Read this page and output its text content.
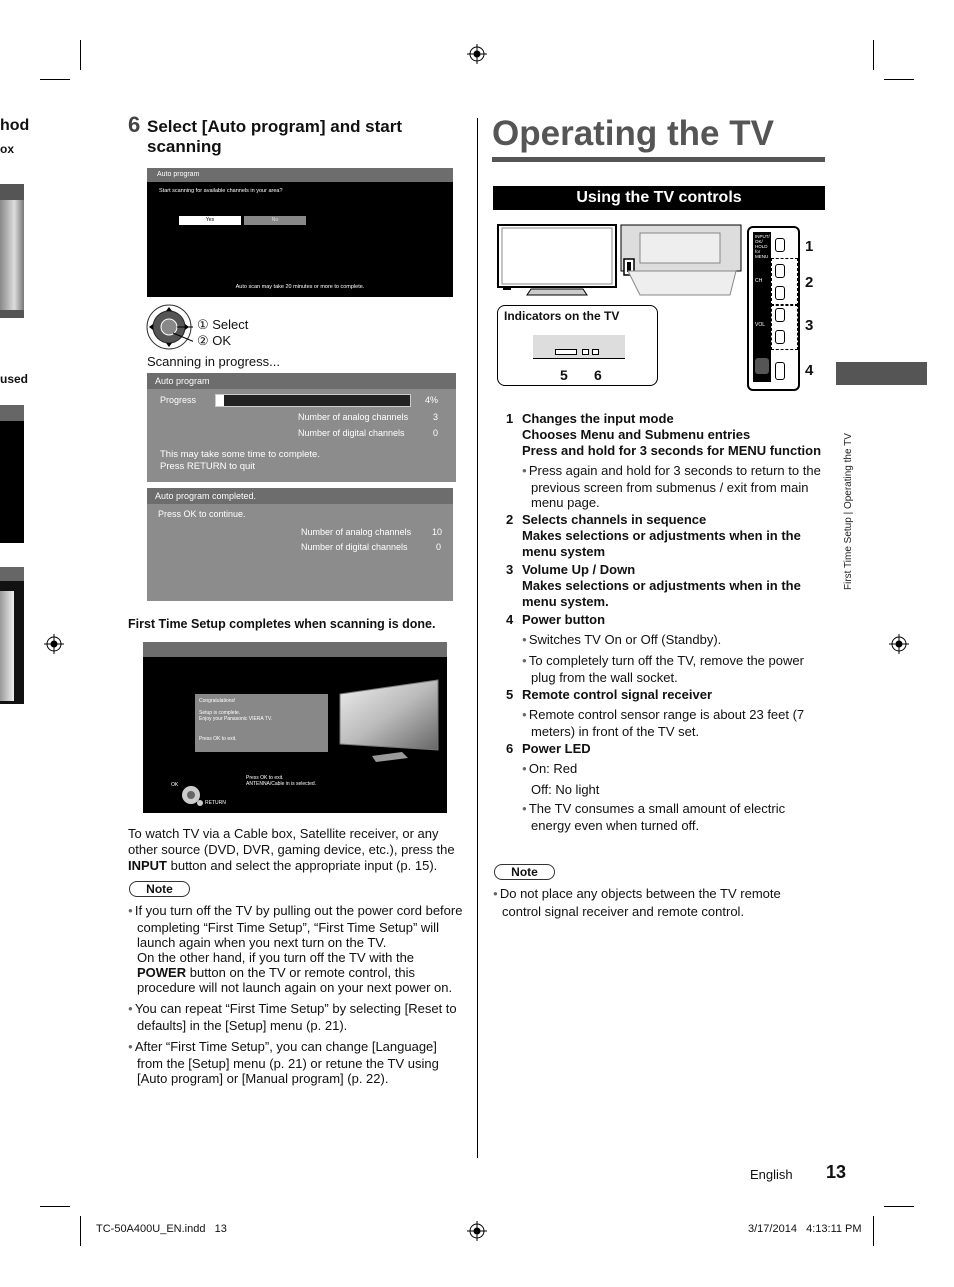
hod
ox
used
6 Select [Auto program] and start scanning
Auto program
Start scanning for available channels in your area?
Yes	No
Auto scan may take 20 minutes or more to complete.
① Select
② OK
Scanning in progress...
Auto program
Progress	4%
Number of analog channels	3
Number of digital channels	0
This may take some time to complete.
Press RETURN to quit
Auto program completed.
Press OK to continue.
Number of analog channels 10
Number of digital channels	0
First Time Setup completes when scanning is done.
Congratulations!
Setup is complete.
Enjoy your Panasonic VIERA TV.
Press OK to exit.
Press OK to exit.
ANTENNA/Cable in is selected.
OK
RETURN
To watch TV via a Cable box, Satellite receiver, or any other source (DVD, DVR, gaming device, etc.), press the INPUT button and select the appropriate input (p. 15).
Note
● If you turn off the TV by pulling out the power cord before completing “First Time Setup”, “First Time Setup” will launch again when you next turn on the TV.
On the other hand, if you turn off the TV with the POWER button on the TV or remote control, this procedure will not launch again on your next power on.
● You can repeat “First Time Setup” by selecting [Reset to defaults] in the [Setup] menu (p. 21).
● After “First Time Setup”, you can change [Language] from the [Setup] menu (p. 21) or retune the TV using [Auto program] or [Manual program] (p. 22).
Operating the TV
Using the TV controls
INPUT/ OK/ HOLD for MENU
CH
VOL
1
2
3
4
Indicators on the TV
5 6
1 Changes the input mode
Chooses Menu and Submenu entries
Press and hold for 3 seconds for MENU function
● Press again and hold for 3 seconds to return to the previous screen from submenus / exit from main menu page.
2 Selects channels in sequence
Makes selections or adjustments when in the menu system
3 Volume Up / Down
Makes selections or adjustments when in the menu system.
4 Power button
● Switches TV On or Off (Standby).
● To completely turn off the TV, remove the power plug from the wall socket.
5 Remote control signal receiver
● Remote control sensor range is about 23 feet (7 meters) in front of the TV set.
6 Power LED
● On: Red
Off: No light
● The TV consumes a small amount of electric energy even when turned off.
Note
● Do not place any objects between the TV remote control signal receiver and remote control.
First Time Setup | Operating the TV
English 13
TC-50A400U_EN.indd   13	3/17/2014   4:13:11 PM
